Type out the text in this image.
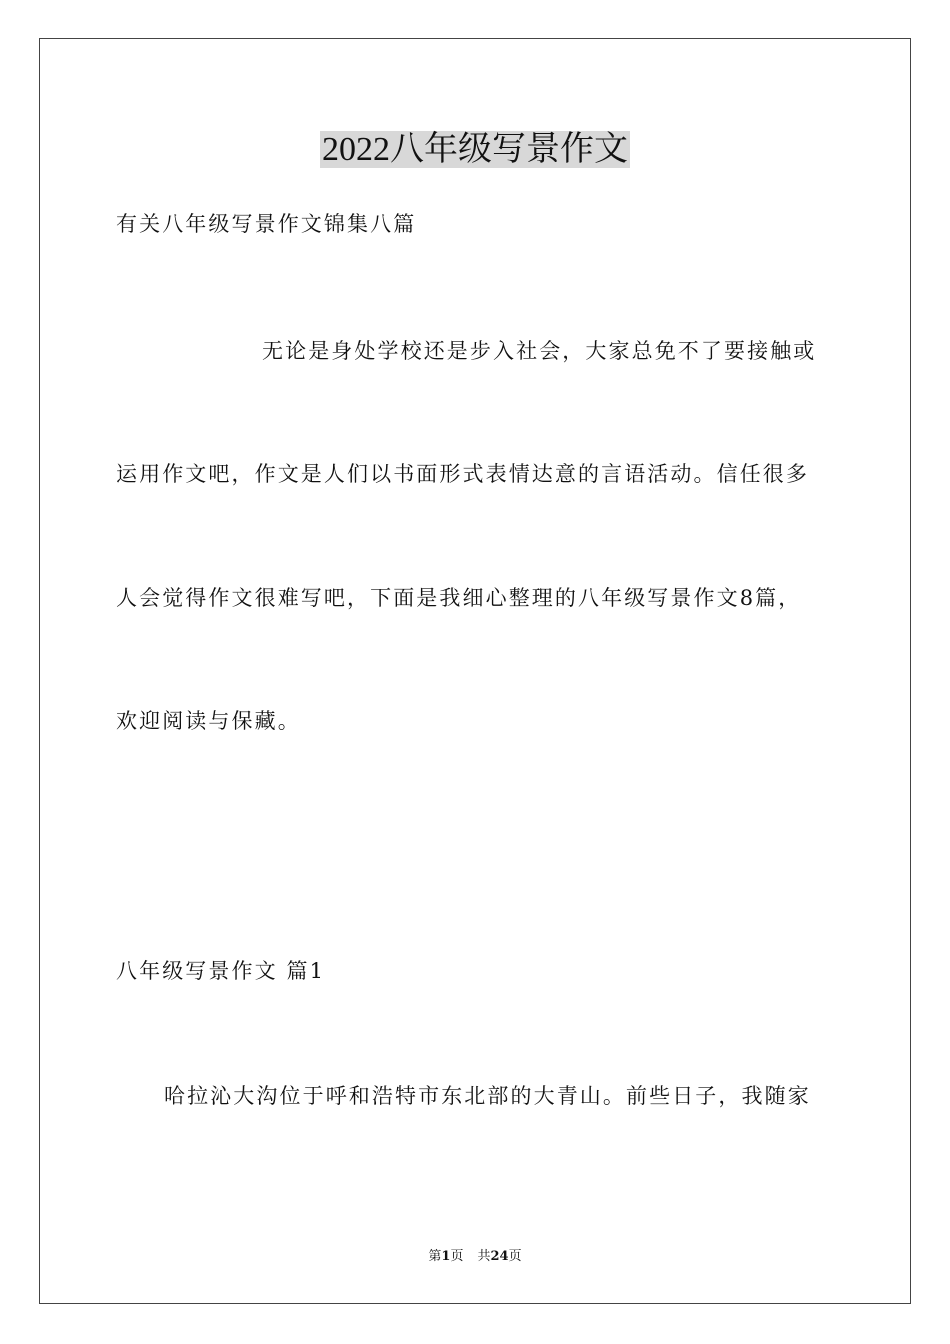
2022八年级写景作文
有关八年级写景作文锦集八篇
无论是身处学校还是步入社会，大家总免不了要接触或
运用作文吧，作文是人们以书面形式表情达意的言语活动。信任很多
人会觉得作文很难写吧，下面是我细心整理的八年级写景作文8篇，
欢迎阅读与保藏。
八年级写景作文 篇1
哈拉沁大沟位于呼和浩特市东北部的大青山。前些日子，我随家
第1页 共24页
